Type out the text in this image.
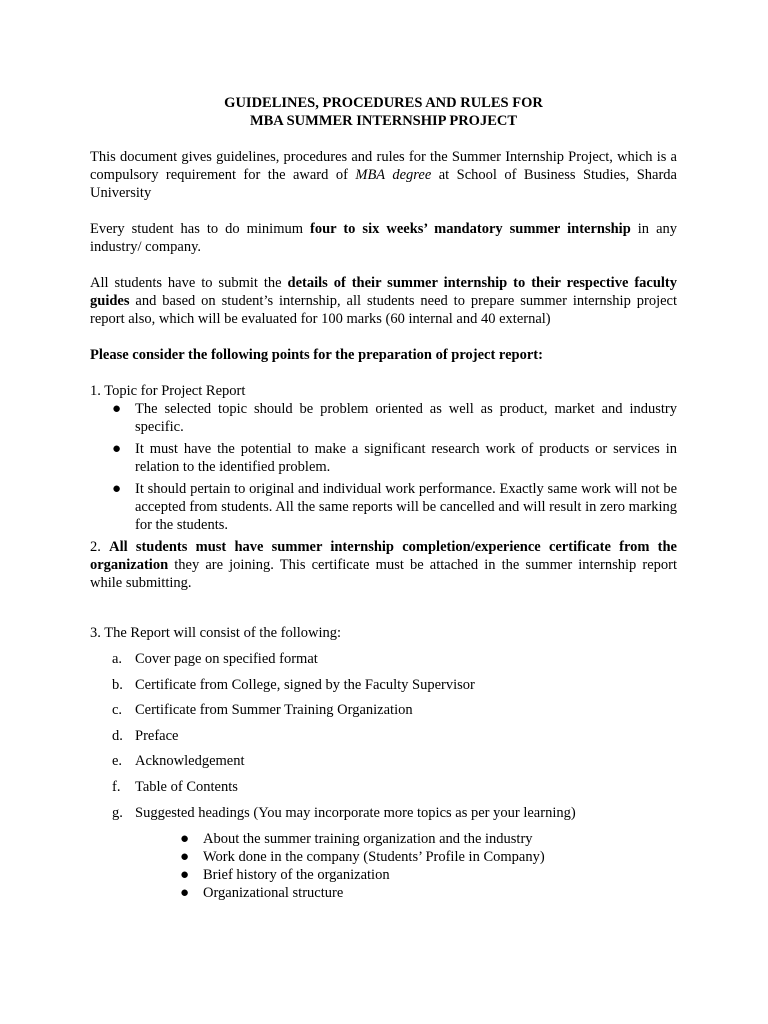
GUIDELINES, PROCEDURES AND RULES FOR
MBA SUMMER INTERNSHIP PROJECT

This document gives guidelines, procedures and rules for the Summer Internship Project, which is a compulsory requirement for the award of MBA degree at School of Business Studies, Sharda University

Every student has to do minimum four to six weeks’ mandatory summer internship in any industry/ company.

All students have to submit the details of their summer internship to their respective faculty guides and based on student’s internship, all students need to prepare summer internship project report also, which will be evaluated for 100 marks (60 internal and 40 external)

Please consider the following points for the preparation of project report:

1. Topic for Project Report

● The selected topic should be problem oriented as well as product, market and industry specific.
● It must have the potential to make a significant research work of products or services in relation to the identified problem.
● It should pertain to original and individual work performance. Exactly same work will not be accepted from students. All the same reports will be cancelled and will result in zero marking for the students.

2. All students must have summer internship completion/experience certificate from the organization they are joining. This certificate must be attached in the summer internship report while submitting.

3. The Report will consist of the following:

a. Cover page on specified format
b. Certificate from College, signed by the Faculty Supervisor
c. Certificate from Summer Training Organization
d. Preface
e. Acknowledgement
f. Table of Contents
g. Suggested headings (You may incorporate more topics as per your learning)
● About the summer training organization and the industry
● Work done in the company (Students’ Profile in Company)
● Brief history of the organization
● Organizational structure
